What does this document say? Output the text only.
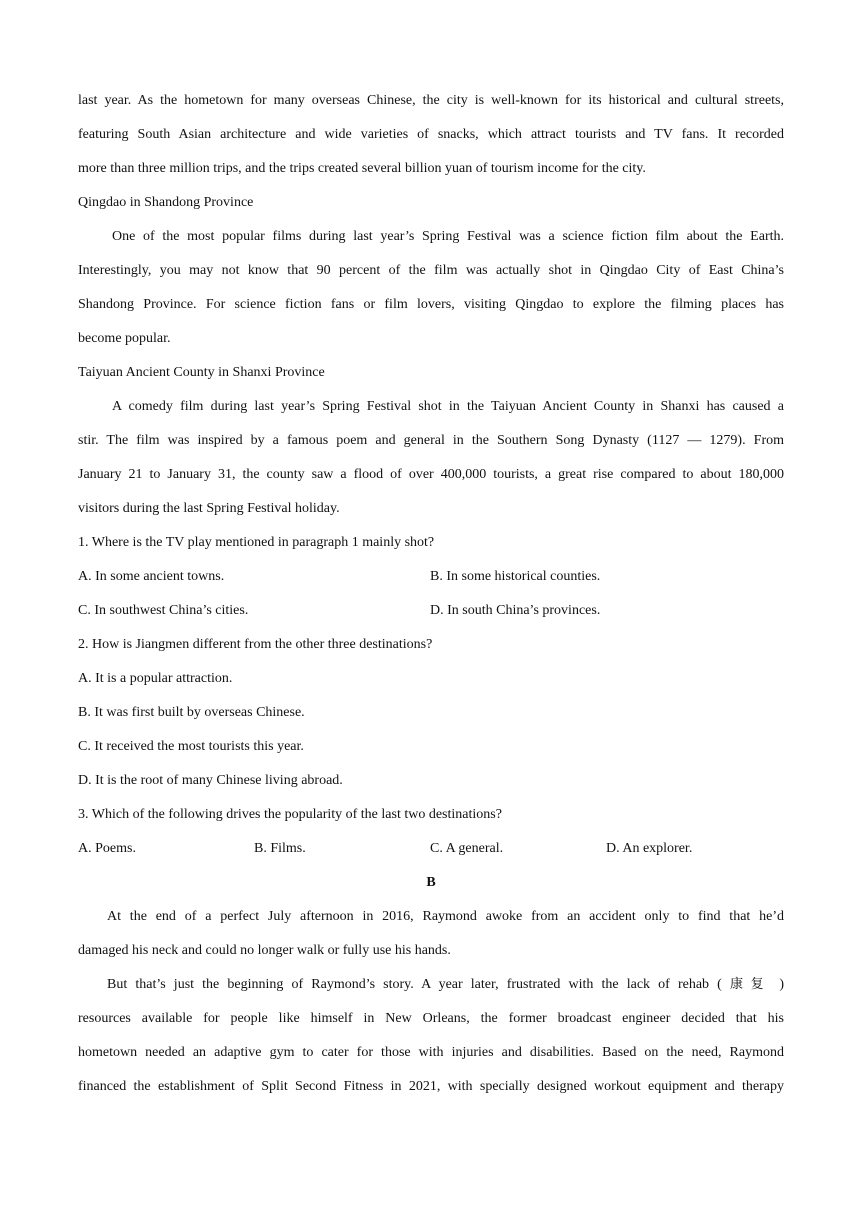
last year. As the hometown for many overseas Chinese, the city is well-known for its historical and cultural streets,
featuring South Asian architecture and wide varieties of snacks, which attract tourists and TV fans. It recorded
more than three million trips, and the trips created several billion yuan of tourism income for the city.

Qingdao in Shandong Province

One of the most popular films during last year’s Spring Festival was a science fiction film about the Earth.
Interestingly, you may not know that 90 percent of the film was actually shot in Qingdao City of East China’s
Shandong Province. For science fiction fans or film lovers, visiting Qingdao to explore the filming places has
become popular.

Taiyuan Ancient County in Shanxi Province

A comedy film during last year’s Spring Festival shot in the Taiyuan Ancient County in Shanxi has caused a
stir. The film was inspired by a famous poem and general in the Southern Song Dynasty (1127 — 1279). From
January 21 to January 31, the county saw a flood of over 400,000 tourists, a great rise compared to about 180,000
visitors during the last Spring Festival holiday.

1. Where is the TV play mentioned in paragraph 1 mainly shot?

A. In some ancient towns.	B. In some historical counties.
C. In southwest China’s cities.	D. In south China’s provinces.

2. How is Jiangmen different from the other three destinations?

A. It is a popular attraction.

B. It was first built by overseas Chinese.

C. It received the most tourists this year.

D. It is the root of many Chinese living abroad.

3. Which of the following drives the popularity of the last two destinations?

A. Poems.	B. Films.	C. A general.	D. An explorer.

B

At the end of a perfect July afternoon in 2016, Raymond awoke from an accident only to find that he’d
damaged his neck and could no longer walk or fully use his hands.
But that’s just the beginning of Raymond’s story. A year later, frustrated with the lack of rehab ( 康复 )
resources available for people like himself in New Orleans, the former broadcast engineer decided that his
hometown needed an adaptive gym to cater for those with injuries and disabilities. Based on the need, Raymond
financed the establishment of Split Second Fitness in 2021, with specially designed workout equipment and therapy
